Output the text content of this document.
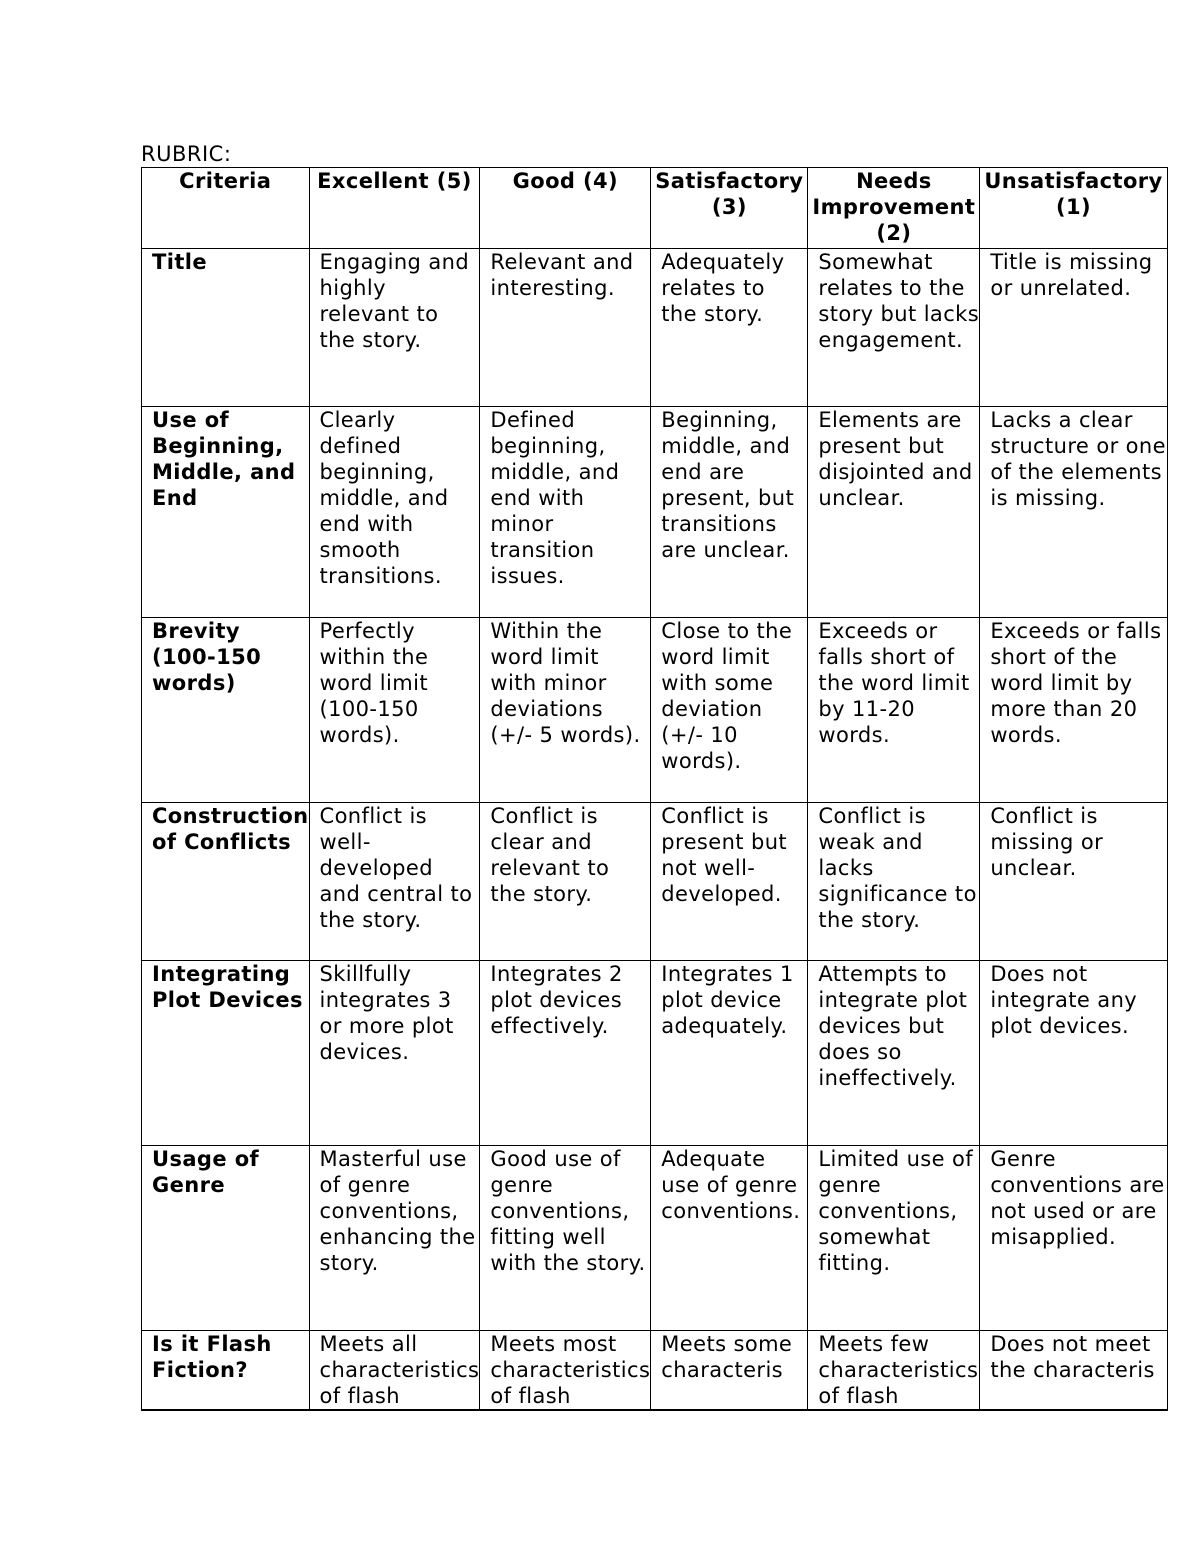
RUBRIC:
Criteria	Excellent (5)	Good (4)	Satisfactory (3)	Needs Improvement (2)	Unsatisfactory (1)
Title	Engaging and highly relevant to the story.	Relevant and interesting.	Adequately relates to the story.	Somewhat relates to the story but lacks engagement.	Title is missing or unrelated.
Use of Beginning, Middle, and End	Clearly defined beginning, middle, and end with smooth transitions.	Defined beginning, middle, and end with minor transition issues.	Beginning, middle, and end are present, but transitions are unclear.	Elements are present but disjointed and unclear.	Lacks a clear structure or one of the elements is missing.
Brevity (100-150 words)	Perfectly within the word limit (100-150 words).	Within the word limit with minor deviations (+/- 5 words).	Close to the word limit with some deviation (+/- 10 words).	Exceeds or falls short of the word limit by 11-20 words.	Exceeds or falls short of the word limit by more than 20 words.
Construction of Conflicts	Conflict is well-developed and central to the story.	Conflict is clear and relevant to the story.	Conflict is present but not well-developed.	Conflict is weak and lacks significance to the story.	Conflict is missing or unclear.
Integrating Plot Devices	Skillfully integrates 3 or more plot devices.	Integrates 2 plot devices effectively.	Integrates 1 plot device adequately.	Attempts to integrate plot devices but does so ineffectively.	Does not integrate any plot devices.
Usage of Genre	Masterful use of genre conventions, enhancing the story.	Good use of genre conventions, fitting well with the story.	Adequate use of genre conventions.	Limited use of genre conventions, somewhat fitting.	Genre conventions are not used or are misapplied.
Is it Flash Fiction?	Meets all characteristics of flash	Meets most characteristics of flash	Meets some characteris	Meets few characteristics of flash	Does not meet the characteris
